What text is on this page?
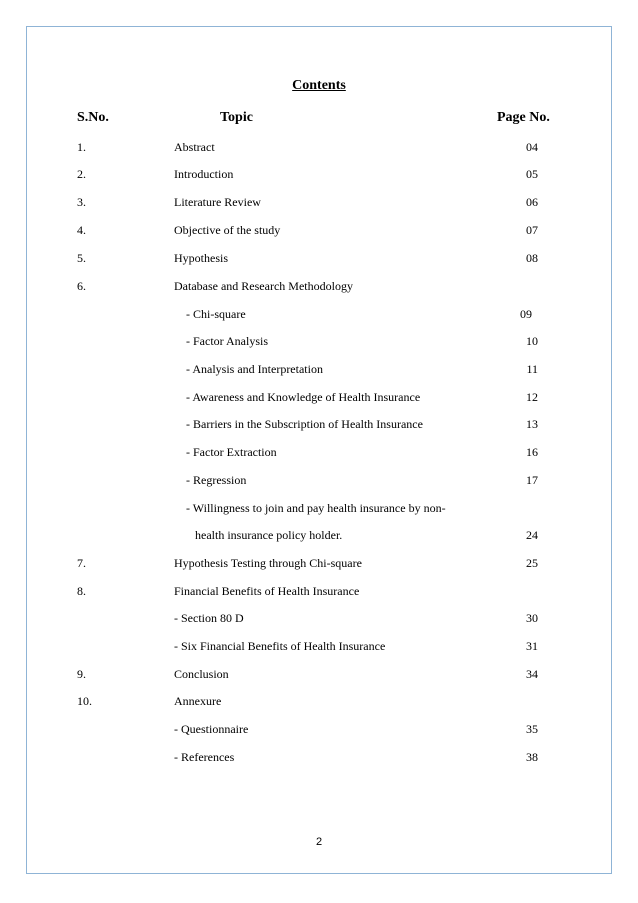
Contents
S.No.	Topic	Page No.
1.	Abstract	04
2.	Introduction	05
3.	Literature Review	06
4.	Objective of the study	07
5.	Hypothesis	08
6.	Database and Research Methodology
- Chi-square	09
- Factor Analysis	10
- Analysis and Interpretation	11
- Awareness and Knowledge of Health Insurance	12
- Barriers in the Subscription of Health Insurance	13
- Factor Extraction	16
- Regression	17
- Willingness to join and pay health insurance by non-
health insurance policy holder.	24
7.	Hypothesis Testing through Chi-square	25
8.	Financial Benefits of Health Insurance
- Section 80 D	30
- Six Financial Benefits of Health Insurance	31
9.	Conclusion	34
10.	Annexure
- Questionnaire	35
- References	38
2
